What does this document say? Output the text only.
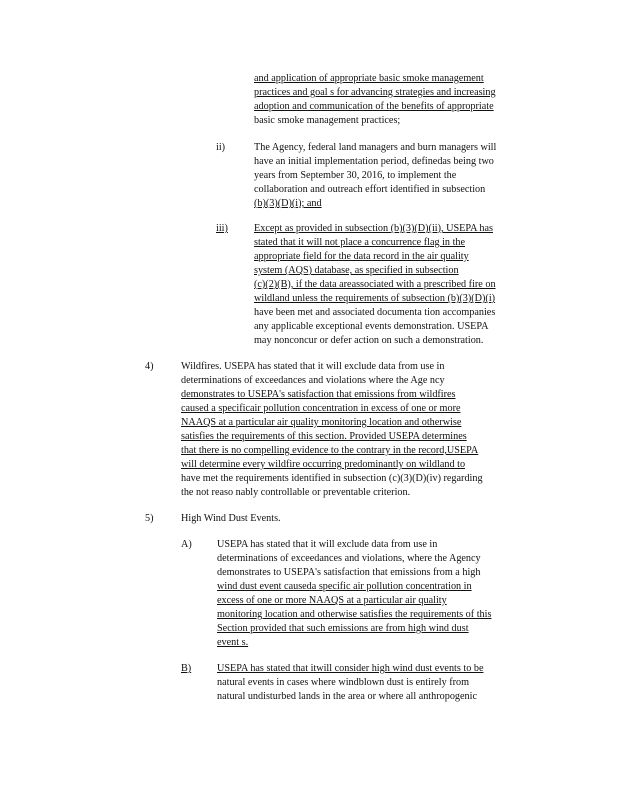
and application of appropriate basic smoke management
practices and goal s for advancing strategies and increasing
adoption and communication of the benefits of appropriate
basic smoke management practices;
ii)	The Agency, federal land managers and burn managers will
have an initial implementation period, definedas being two
years from September 30, 2016, to implement the
collaboration and outreach effort identified in subsection
(b)(3)(D)(i); and
iii)	Except as provided in subsection (b)(3)(D)(ii), USEPA has
stated that it will not place a concurrence flag in the
appropriate field for the data record in the air quality
system (AQS) database, as specified in subsection
(c)(2)(B), if the data areassociated with a prescribed fire on
wildland unless the requirements of subsection (b)(3)(D)(i)
have been met and associated documenta tion accompanies
any applicable exceptional events demonstration. USEPA
may nonconcur or defer action on such a demonstration.
4)	Wildfires. USEPA has stated that it will exclude data from use in
determinations of exceedances and violations where the Age ncy
demonstrates to USEPA's satisfaction that emissions from wildfires
caused a specificair pollution concentration in excess of one or more
NAAQS at a particular air quality monitoring location and otherwise
satisfies the requirements of this section. Provided USEPA determines
that there is no compelling evidence to the contrary in the record,USEPA
will determine every wildfire occurring predominantly on wildland to
have met the requirements identified in subsection (c)(3)(D)(iv) regarding
the not reaso nably controllable or preventable criterion.
5)	High Wind Dust Events.
A) USEPA has stated that it will exclude data from use in
determinations of exceedances and violations, where the Agency
demonstrates to USEPA's satisfaction that emissions from a high
wind dust event causeda specific air pollution concentration in
excess of one or more NAAQS at a particular air quality
monitoring location and otherwise satisfies the requirements of this
Section provided that such emissions are from high wind dust
event s.
B)	USEPA has stated that itwill consider high wind dust events to be
natural events in cases where windblown dust is entirely from
natural undisturbed lands in the area or where all anthropogenic
